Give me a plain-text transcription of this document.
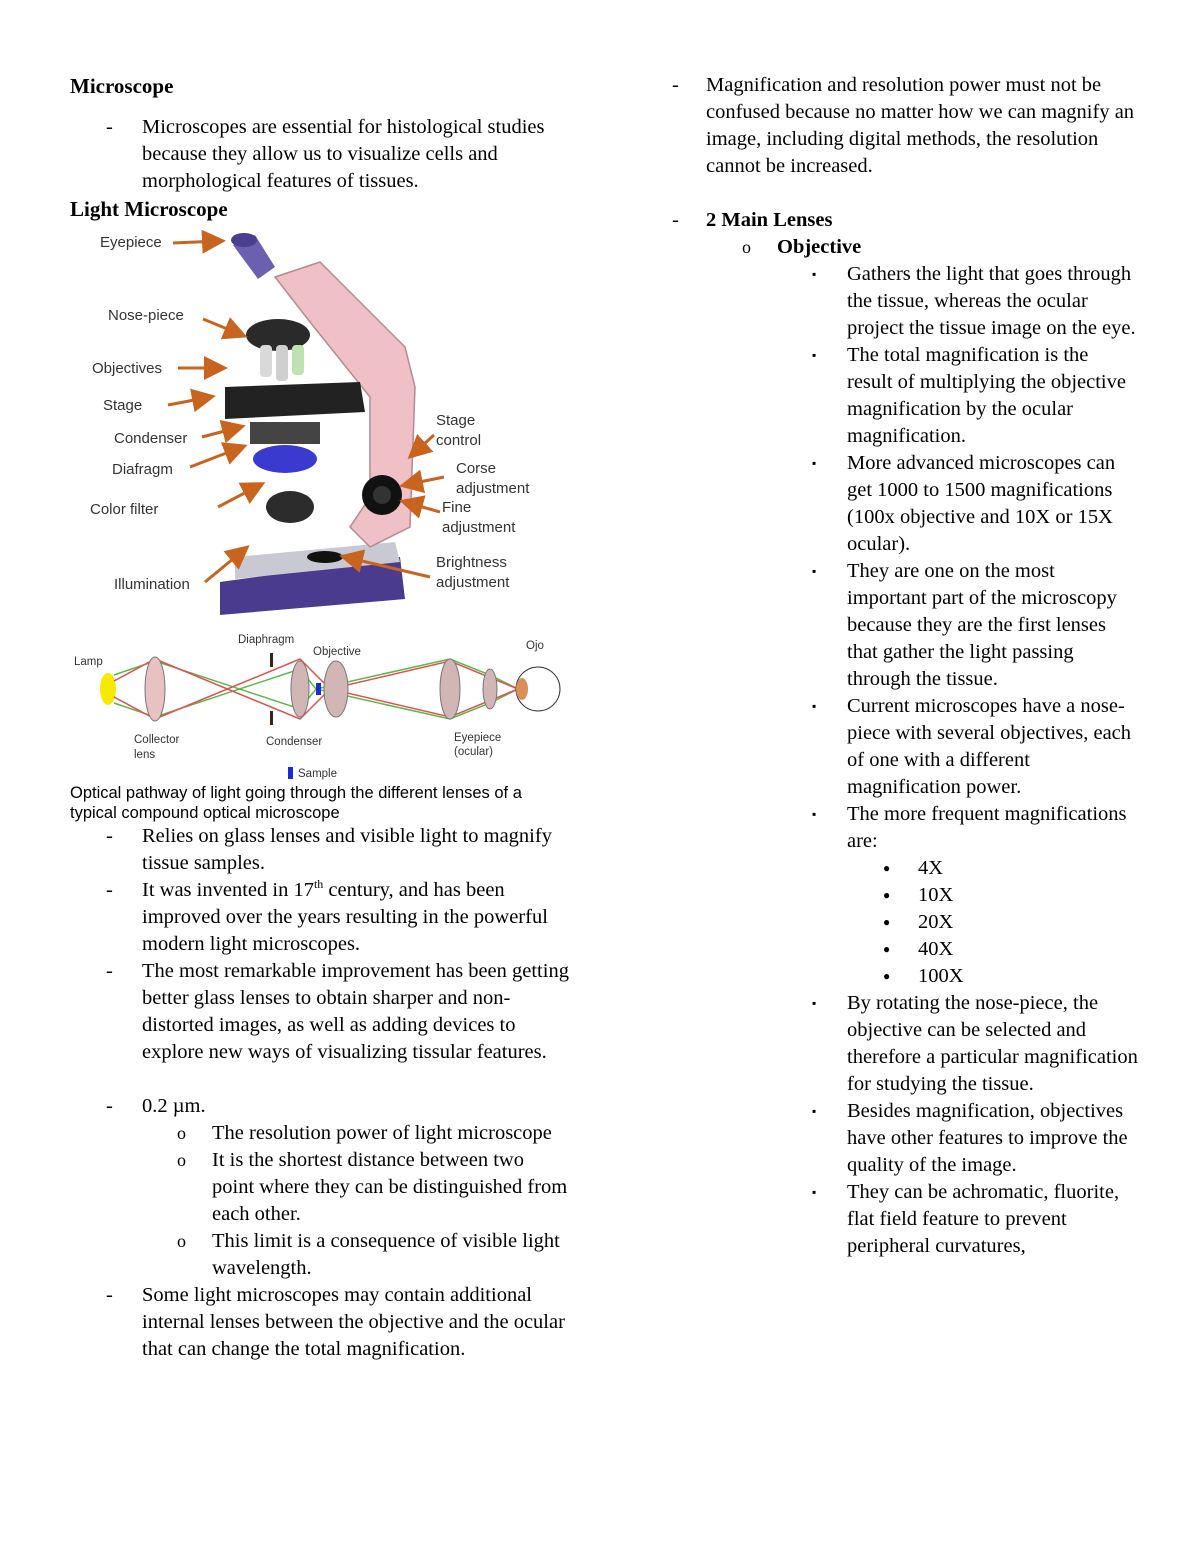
Microscope
- Microscopes are essential for histological studies because they allow us to visualize cells and morphological features of tissues.
Light Microscope
Eyepiece
Nose-piece
Objectives
Stage
Condenser
Diafragm
Color filter
Illumination
Stage
control
Corse
adjustment
Fine
adjustment
Brightness
adjustment
Lamp
Diaphragm
Objective	Ojo
Collector
lens
Condenser	Eyepiece
(ocular)
Sample
Optical pathway of light going through the different lenses of a typical compound optical microscope
- Relies on glass lenses and visible light to magnify tissue samples.
- It was invented in 17th century, and has been improved over the years resulting in the powerful modern light microscopes.
- The most remarkable improvement has been getting better glass lenses to obtain sharper and non-distorted images, as well as adding devices to explore new ways of visualizing tissular features.
- 0.2 µm.
o The resolution power of light microscope
o It is the shortest distance between two point where they can be distinguished from each other.
o This limit is a consequence of visible light wavelength.
- Some light microscopes may contain additional internal lenses between the objective and the ocular that can change the total magnification.
- Magnification and resolution power must not be confused because no matter how we can magnify an image, including digital methods, the resolution cannot be increased.
- 2 Main Lenses
o Objective
▪ Gathers the light that goes through the tissue, whereas the ocular project the tissue image on the eye.
▪ The total magnification is the result of multiplying the objective magnification by the ocular magnification.
▪ More advanced microscopes can get 1000 to 1500 magnifications (100x objective and 10X or 15X ocular).
▪ They are one on the most important part of the microscopy because they are the first lenses that gather the light passing through the tissue.
▪ Current microscopes have a nose-piece with several objectives, each of one with a different magnification power.
▪ The more frequent magnifications are:
● 4X
● 10X
● 20X
● 40X
● 100X
▪ By rotating the nose-piece, the objective can be selected and therefore a particular magnification for studying the tissue.
▪ Besides magnification, objectives have other features to improve the quality of the image.
▪ They can be achromatic, fluorite, flat field feature to prevent peripheral curvatures,
